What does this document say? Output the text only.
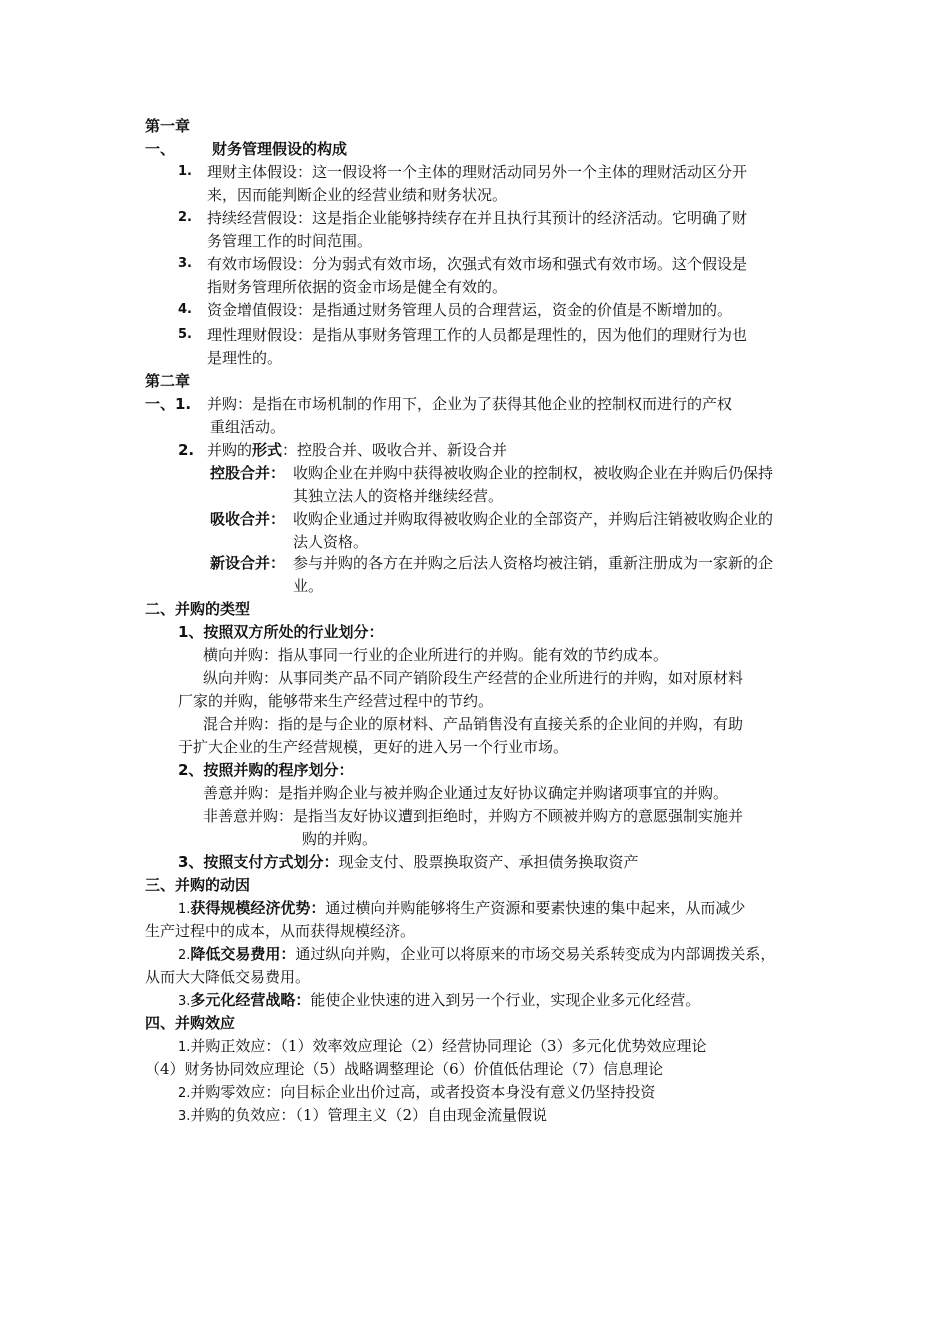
第一章
一、 财务管理假设的构成
1. 理财主体假设：这一假设将一个主体的理财活动同另外一个主体的理财活动区分开
来，因而能判断企业的经营业绩和财务状况。
2. 持续经营假设：这是指企业能够持续存在并且执行其预计的经济活动。它明确了财
务管理工作的时间范围。
3. 有效市场假设：分为弱式有效市场，次强式有效市场和强式有效市场。这个假设是
指财务管理所依据的资金市场是健全有效的。
4. 资金增值假设：是指通过财务管理人员的合理营运，资金的价值是不断增加的。
5. 理性理财假设：是指从事财务管理工作的人员都是理性的，因为他们的理财行为也
是理性的。
第二章
一、1. 并购：是指在市场机制的作用下，企业为了获得其他企业的控制权而进行的产权
重组活动。
2. 并购的形式：控股合并、吸收合并、新设合并
控股合并： 收购企业在并购中获得被收购企业的控制权，被收购企业在并购后仍保持
其独立法人的资格并继续经营。
吸收合并： 收购企业通过并购取得被收购企业的全部资产，并购后注销被收购企业的
法人资格。
新设合并： 参与并购的各方在并购之后法人资格均被注销，重新注册成为一家新的企
业。
二、并购的类型
1、按照双方所处的行业划分：
横向并购：指从事同一行业的企业所进行的并购。能有效的节约成本。
纵向并购：从事同类产品不同产销阶段生产经营的企业所进行的并购，如对原材料
厂家的并购，能够带来生产经营过程中的节约。
混合并购：指的是与企业的原材料、产品销售没有直接关系的企业间的并购，有助
于扩大企业的生产经营规模，更好的进入另一个行业市场。
2、按照并购的程序划分：
善意并购：是指并购企业与被并购企业通过友好协议确定并购诸项事宜的并购。
非善意并购：是指当友好协议遭到拒绝时，并购方不顾被并购方的意愿强制实施并
购的并购。
3、按照支付方式划分：现金支付、股票换取资产、承担债务换取资产
三、并购的动因
1.获得规模经济优势：通过横向并购能够将生产资源和要素快速的集中起来，从而减少
生产过程中的成本，从而获得规模经济。
2.降低交易费用：通过纵向并购，企业可以将原来的市场交易关系转变成为内部调拨关系，
从而大大降低交易费用。
3.多元化经营战略：能使企业快速的进入到另一个行业，实现企业多元化经营。
四、并购效应
1.并购正效应：（1）效率效应理论（2）经营协同理论（3）多元化优势效应理论
（4）财务协同效应理论（5）战略调整理论（6）价值低估理论（7）信息理论
2.并购零效应：向目标企业出价过高，或者投资本身没有意义仍坚持投资
3.并购的负效应：（1）管理主义（2）自由现金流量假说
